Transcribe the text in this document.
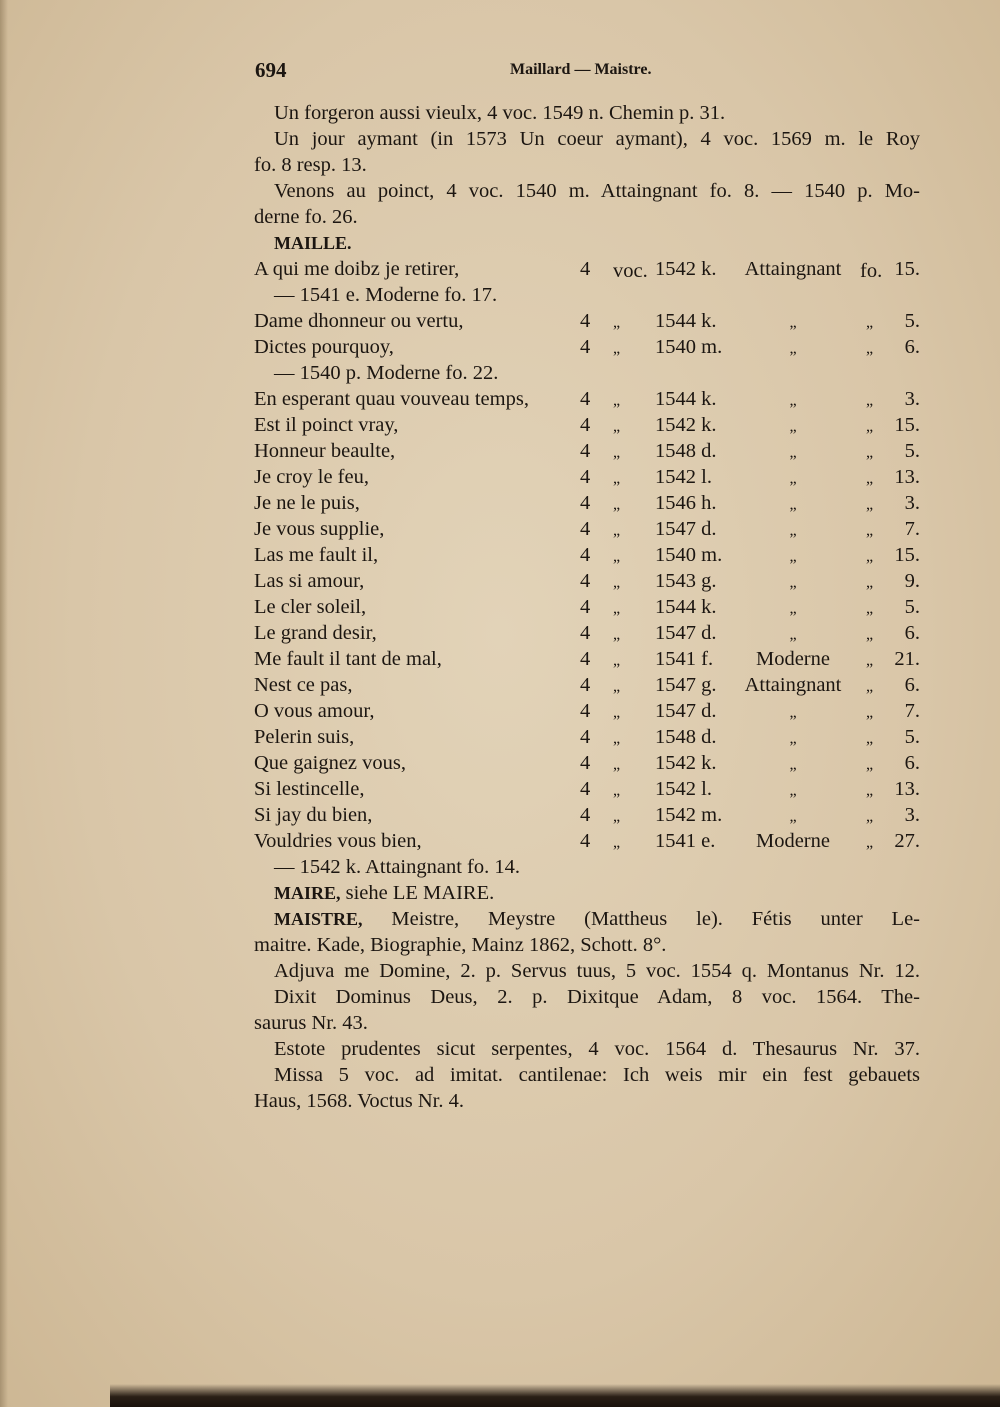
694	Maillard — Maistre.
Un forgeron aussi vieulx, 4 voc. 1549 n. Chemin p. 31.
Un jour aymant (in 1573 Un coeur aymant), 4 voc. 1569 m. le Roy
fo. 8 resp. 13.
Venons au poinct, 4 voc. 1540 m. Attaingnant fo. 8. — 1540 p. Mo-
derne fo. 26.
MAILLE.
A qui me doibz je retirer,	4 voc. 1542 k.	Attaingnant fo. 15.
— 1541 e. Moderne fo. 17.
Dame dhonneur ou vertu,	4 „ 1544 k.	„	„	5.
Dictes pourquoy,	4 „ 1540 m.	„	„	6.
— 1540 p. Moderne fo. 22.
En esperant quau vouveau temps, 4 „ 1544 k.	„	„	3.
Est il poinct vray,	4 „ 1542 k.	„	„ 15.
Honneur beaulte,	4 „ 1548 d.	„	„	5.
Je croy le feu,	4 „ 1542 l.	„	„ 13.
Je ne le puis,	4 „ 1546 h.	„	„	3.
Je vous supplie,	4 „ 1547 d.	„	„	7.
Las me fault il,	4 „ 1540 m.	„	„ 15.
Las si amour,	4 „ 1543 g.	„	„	9.
Le cler soleil,	4 „ 1544 k.	„	„	5.
Le grand desir,	4 „ 1547 d.	„	„	6.
Me fault il tant de mal,	4 „ 1541 f.	Moderne	„ 21.
Nest ce pas,	4 „ 1547 g.	Attaingnant	„	6.
O vous amour,	4 „ 1547 d.	„	„	7.
Pelerin suis,	4 „ 1548 d.	„	„	5.
Que gaignez vous,	4 „ 1542 k.	„	„	6.
Si lestincelle,	4 „ 1542 l.	„	„ 13.
Si jay du bien,	4 „ 1542 m.	„	„	3.
Vouldries vous bien,	4 „ 1541 e.	Moderne	„ 27.
— 1542 k. Attaingnant fo. 14.
MAIRE, siehe LE MAIRE.
MAISTRE, Meistre, Meystre (Mattheus le). Fétis unter Le-
maitre. Kade, Biographie, Mainz 1862, Schott. 8°.
Adjuva me Domine, 2. p. Servus tuus, 5 voc. 1554 q. Montanus Nr. 12.
Dixit Dominus Deus, 2. p. Dixitque Adam, 8 voc. 1564. The-
saurus Nr. 43.
Estote prudentes sicut serpentes, 4 voc. 1564 d. Thesaurus Nr. 37.
Missa 5 voc. ad imitat. cantilenae: Ich weis mir ein fest gebauets
Haus, 1568. Voctus Nr. 4.
